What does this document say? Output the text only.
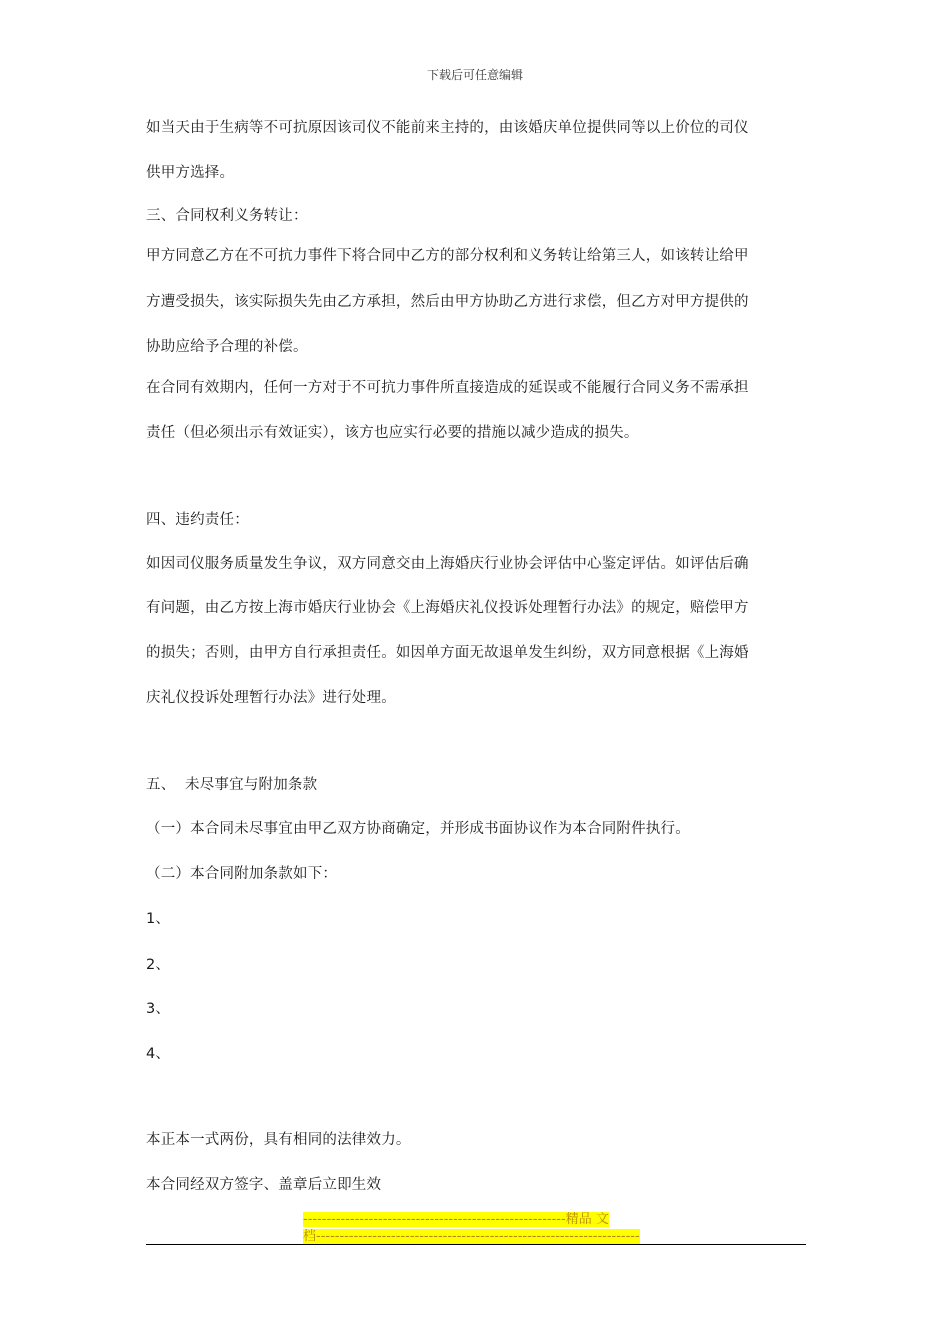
下载后可任意编辑
如当天由于生病等不可抗原因该司仪不能前来主持的，由该婚庆单位提供同等以上价位的司仪
供甲方选择。
三、合同权利义务转让：
甲方同意乙方在不可抗力事件下将合同中乙方的部分权利和义务转让给第三人，如该转让给甲
方遭受损失，该实际损失先由乙方承担，然后由甲方协助乙方进行求偿，但乙方对甲方提供的
协助应给予合理的补偿。
在合同有效期内，任何一方对于不可抗力事件所直接造成的延误或不能履行合同义务不需承担
责任（但必须出示有效证实），该方也应实行必要的措施以减少造成的损失。
四、违约责任：
如因司仪服务质量发生争议，双方同意交由上海婚庆行业协会评估中心鉴定评估。如评估后确
有问题，由乙方按上海市婚庆行业协会《上海婚庆礼仪投诉处理暂行办法》的规定，赔偿甲方
的损失；否则，由甲方自行承担责任。如因单方面无故退单发生纠纷，双方同意根据《上海婚
庆礼仪投诉处理暂行办法》进行处理。
五、  未尽事宜与附加条款
（一）本合同未尽事宜由甲乙双方协商确定，并形成书面协议作为本合同附件执行。
（二）本合同附加条款如下：
1、
2、
3、
4、
本正本一式两份，具有相同的法律效力。
本合同经双方签字、盖章后立即生效
--------------------------------------------------------精品 文
档---------------------------------------------------------------------
